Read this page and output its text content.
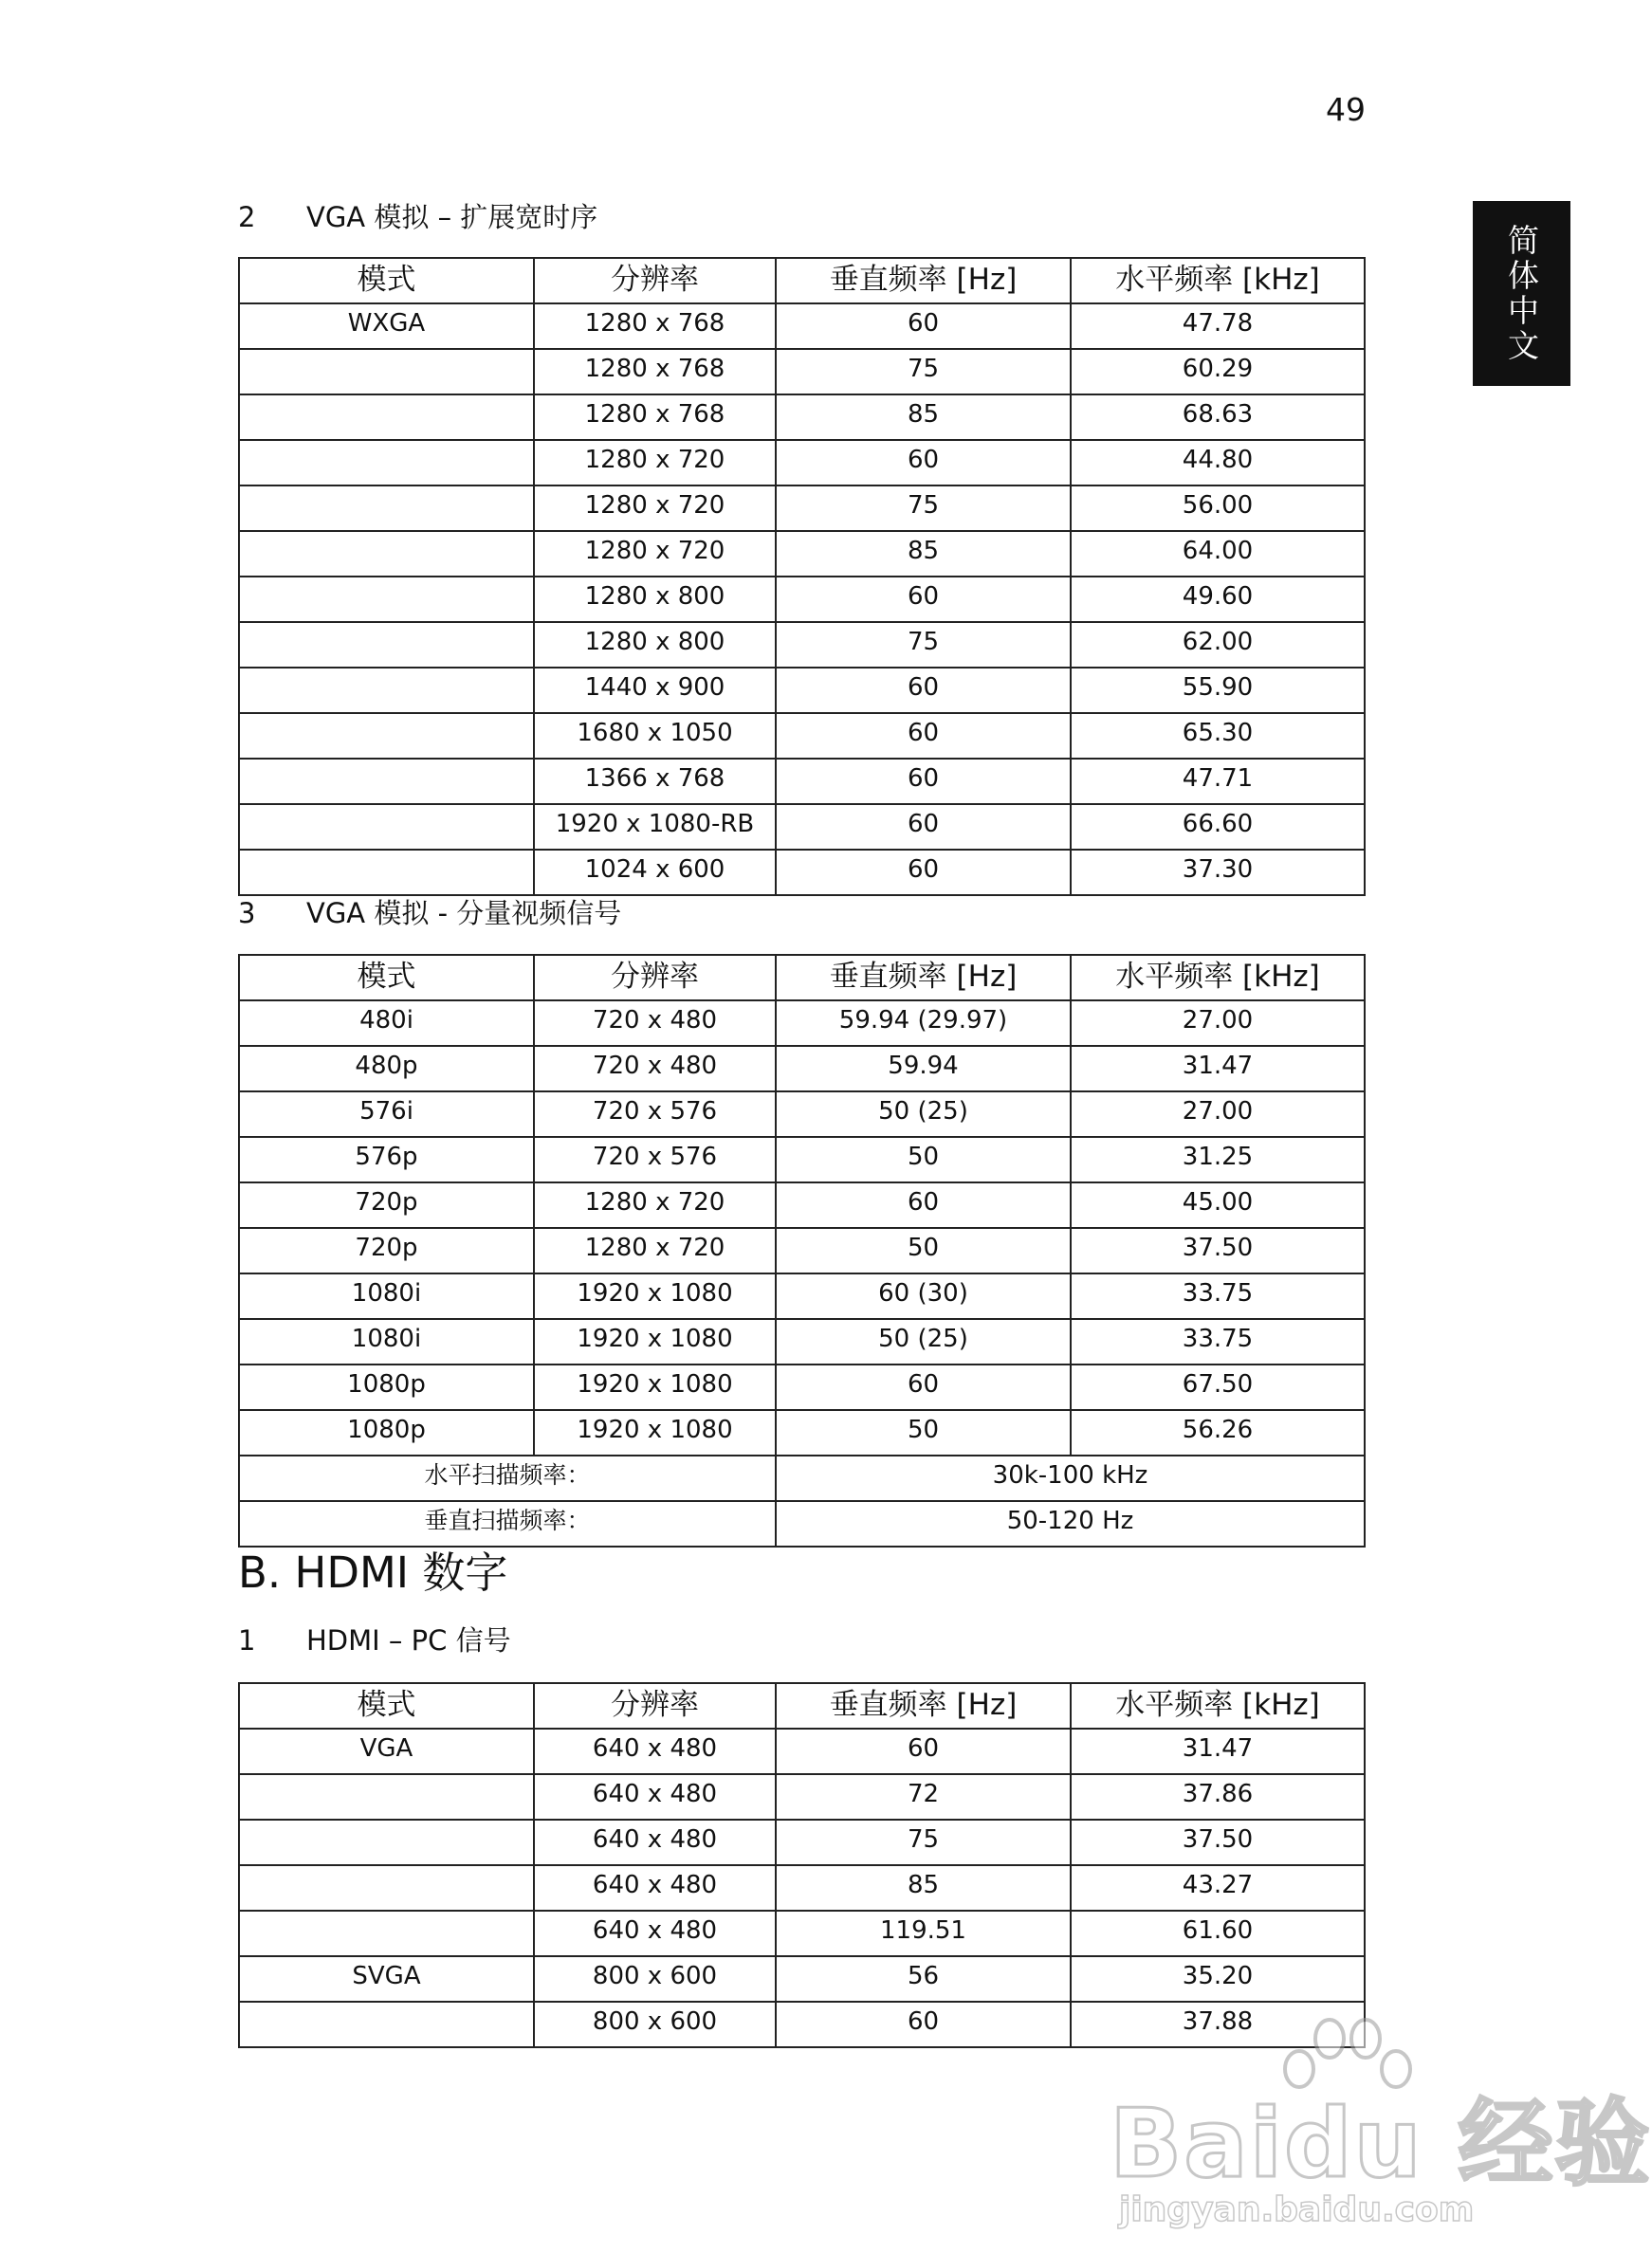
49
简体中文
2	VGA 模拟 – 扩展宽时序
模式	分辨率	垂直频率 [Hz]	水平频率 [kHz]
WXGA	1280 x 768	60	47.78
	1280 x 768	75	60.29
	1280 x 768	85	68.63
	1280 x 720	60	44.80
	1280 x 720	75	56.00
	1280 x 720	85	64.00
	1280 x 800	60	49.60
	1280 x 800	75	62.00
	1440 x 900	60	55.90
	1680 x 1050	60	65.30
	1366 x 768	60	47.71
	1920 x 1080-RB	60	66.60
	1024 x 600	60	37.30
3	VGA 模拟 - 分量视频信号
模式	分辨率	垂直频率 [Hz]	水平频率 [kHz]
480i	720 x 480	59.94 (29.97)	27.00
480p	720 x 480	59.94	31.47
576i	720 x 576	50 (25)	27.00
576p	720 x 576	50	31.25
720p	1280 x 720	60	45.00
720p	1280 x 720	50	37.50
1080i	1920 x 1080	60 (30)	33.75
1080i	1920 x 1080	50 (25)	33.75
1080p	1920 x 1080	60	67.50
1080p	1920 x 1080	50	56.26
水平扫描频率：		30k-100 kHz	
垂直扫描频率：		50-120 Hz	
B. HDMI 数字
1	HDMI – PC 信号
模式	分辨率	垂直频率 [Hz]	水平频率 [kHz]
VGA	640 x 480	60	31.47
	640 x 480	72	37.86
	640 x 480	75	37.50
	640 x 480	85	43.27
	640 x 480	119.51	61.60
SVGA	800 x 600	56	35.20
	800 x 600	60	37.88
Baidu 经验
jingyan.baidu.com
